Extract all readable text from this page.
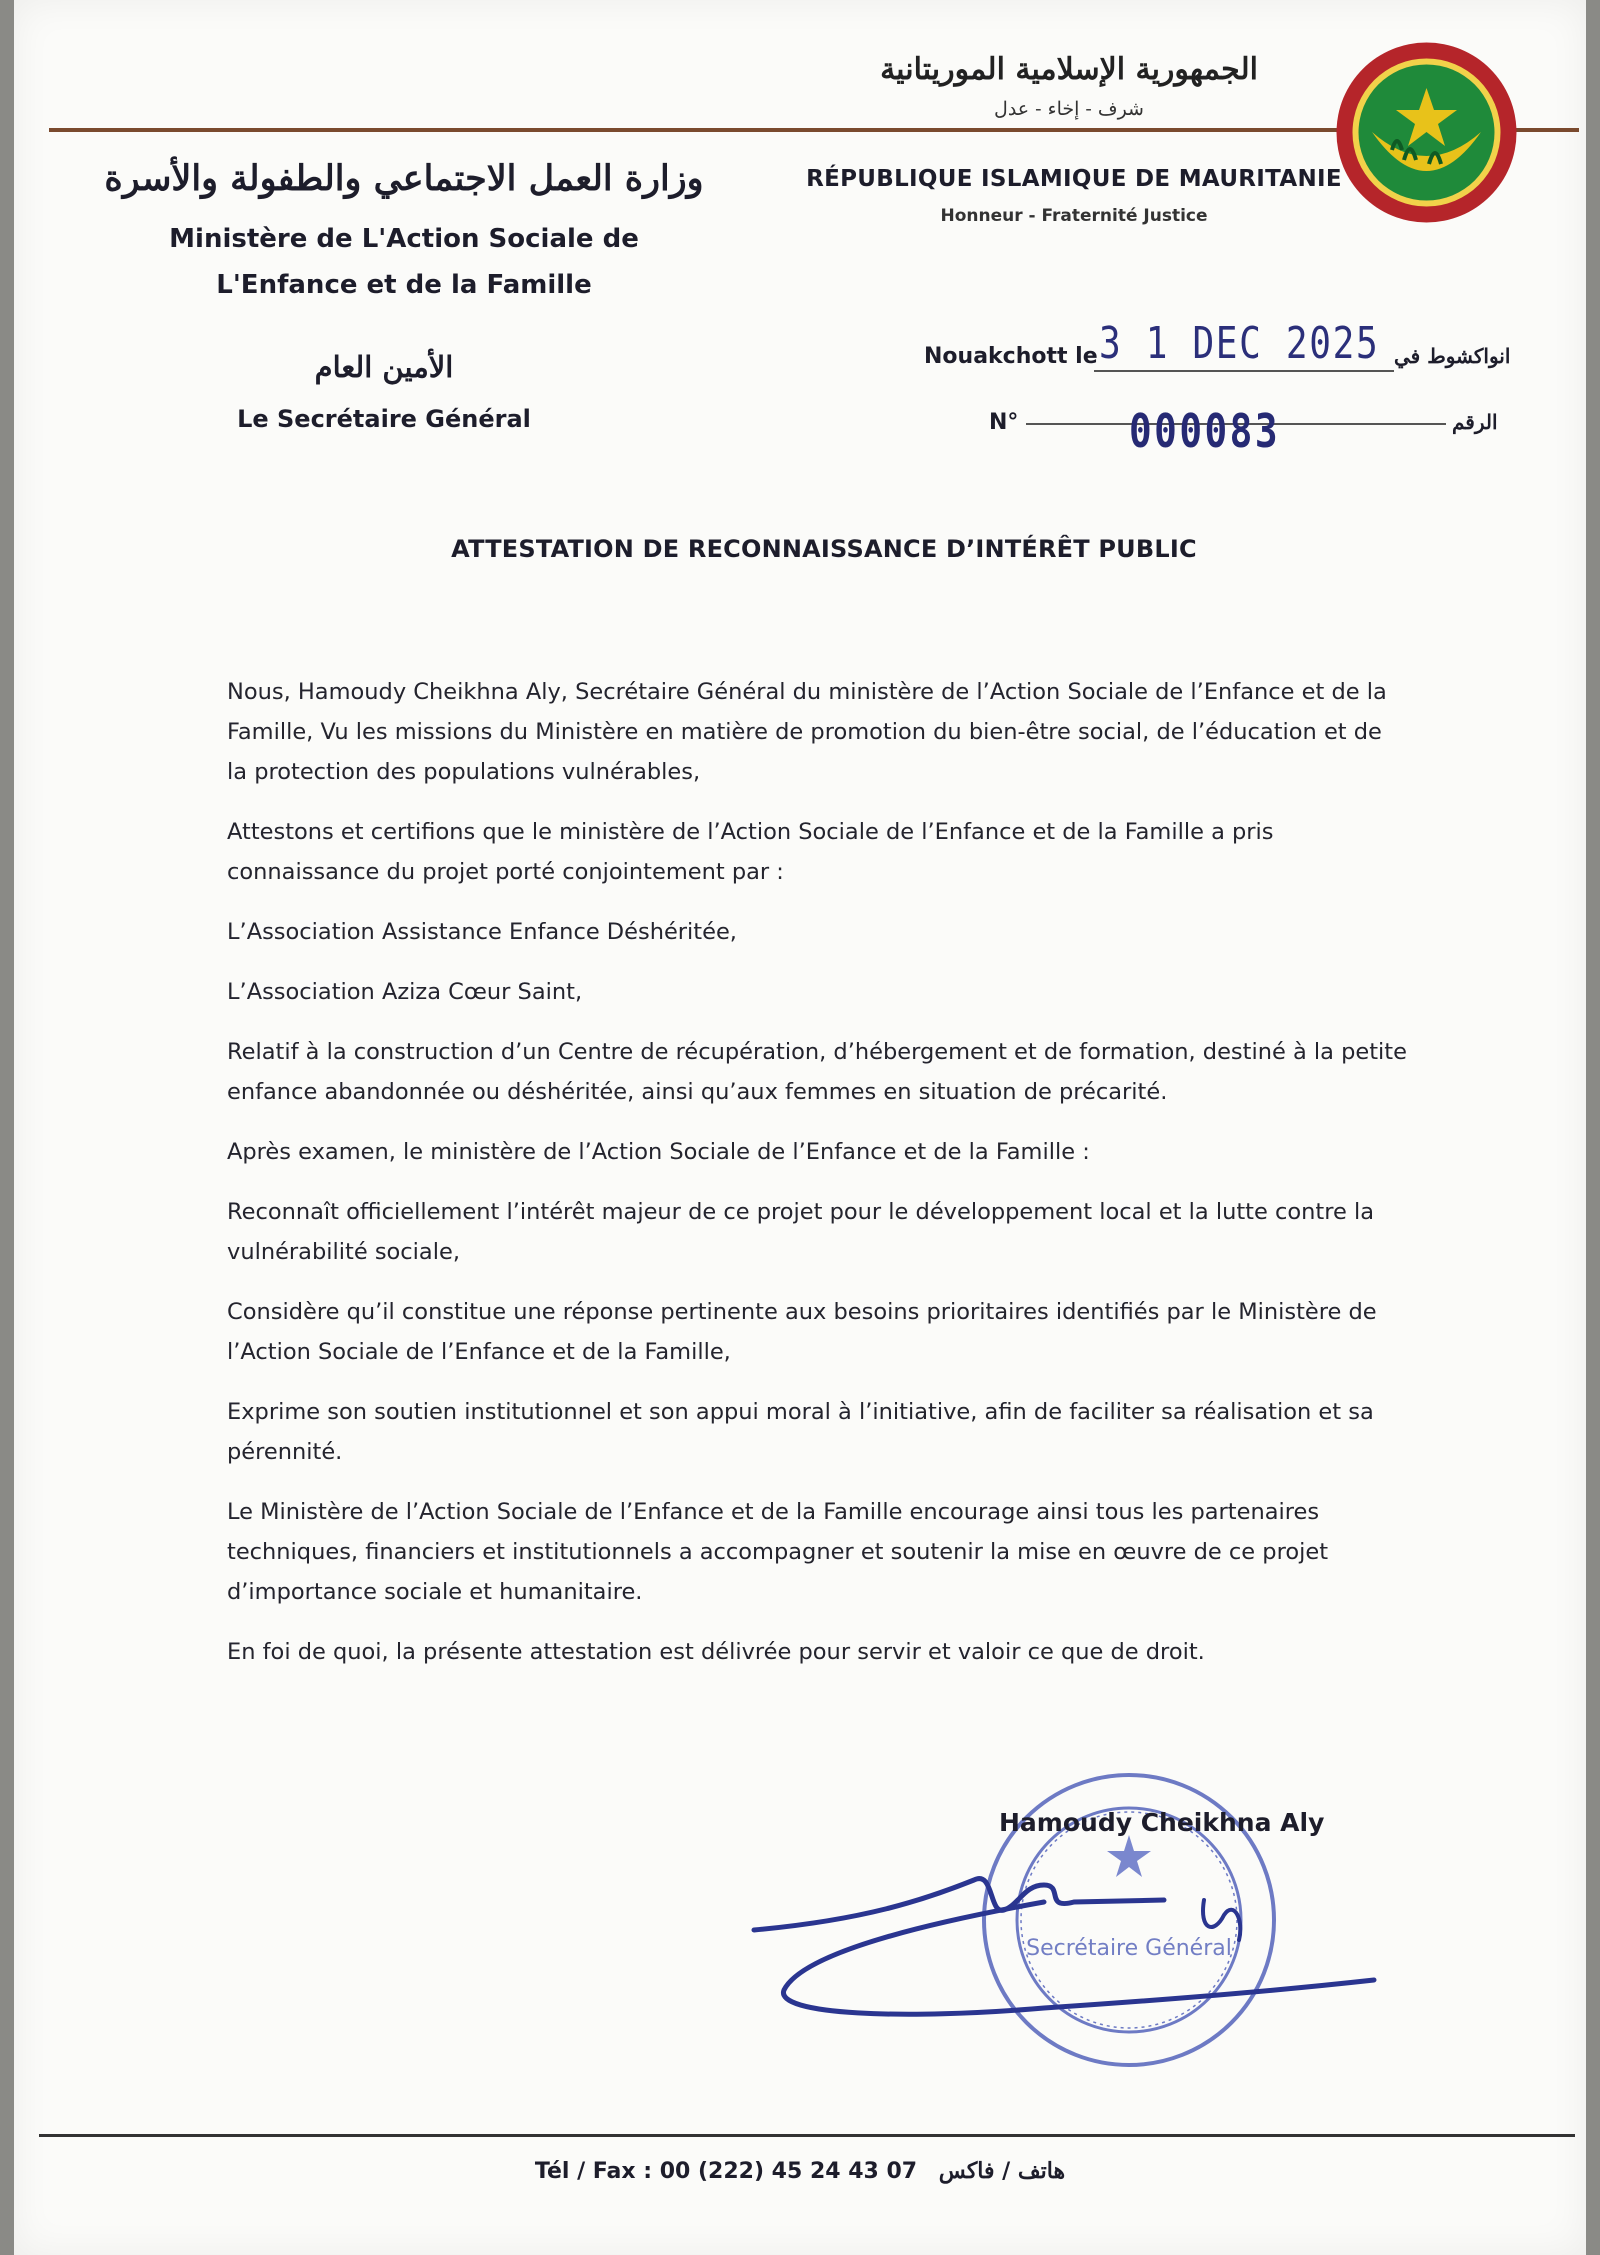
الجمهورية الإسلامية الموريتانية
شرف - إخاء - عدل
RÉPUBLIQUE ISLAMIQUE DE MAURITANIE
Honneur - Fraternité Justice
وزارة العمل الاجتماعي والطفولة والأسرة
Ministère de L'Action Sociale de
L'Enfance et de la Famille
الأمين العام
Le Secrétaire Général
Nouakchott le 3 1 DEC 2025 انواكشوط في
N° 000083	الرقم
ATTESTATION DE RECONNAISSANCE D’INTÉRÊT PUBLIC

Nous, Hamoudy Cheikhna Aly, Secrétaire Général du ministère de l’Action Sociale de l’Enfance et de la Famille, Vu les missions du Ministère en matière de promotion du bien-être social, de l’éducation et de la protection des populations vulnérables,

Attestons et certifions que le ministère de l’Action Sociale de l’Enfance et de la Famille a pris connaissance du projet porté conjointement par :

L’Association Assistance Enfance Déshéritée,

L’Association Aziza Cœur Saint,

Relatif à la construction d’un Centre de récupération, d’hébergement et de formation, destiné à la petite enfance abandonnée ou déshéritée, ainsi qu’aux femmes en situation de précarité.

Après examen, le ministère de l’Action Sociale de l’Enfance et de la Famille :

Reconnaît officiellement l’intérêt majeur de ce projet pour le développement local et la lutte contre la vulnérabilité sociale,

Considère qu’il constitue une réponse pertinente aux besoins prioritaires identifiés par le Ministère de l’Action Sociale de l’Enfance et de la Famille,

Exprime son soutien institutionnel et son appui moral à l’initiative, afin de faciliter sa réalisation et sa pérennité.

Le Ministère de l’Action Sociale de l’Enfance et de la Famille encourage ainsi tous les partenaires techniques, financiers et institutionnels a accompagner et soutenir la mise en œuvre de ce projet d’importance sociale et humanitaire.

En foi de quoi, la présente attestation est délivrée pour servir et valoir ce que de droit.

Secrétaire Général
Hamoudy Cheikhna Aly
Tél / Fax : 00 (222) 45 24 43 07 هاتف / فاكس
